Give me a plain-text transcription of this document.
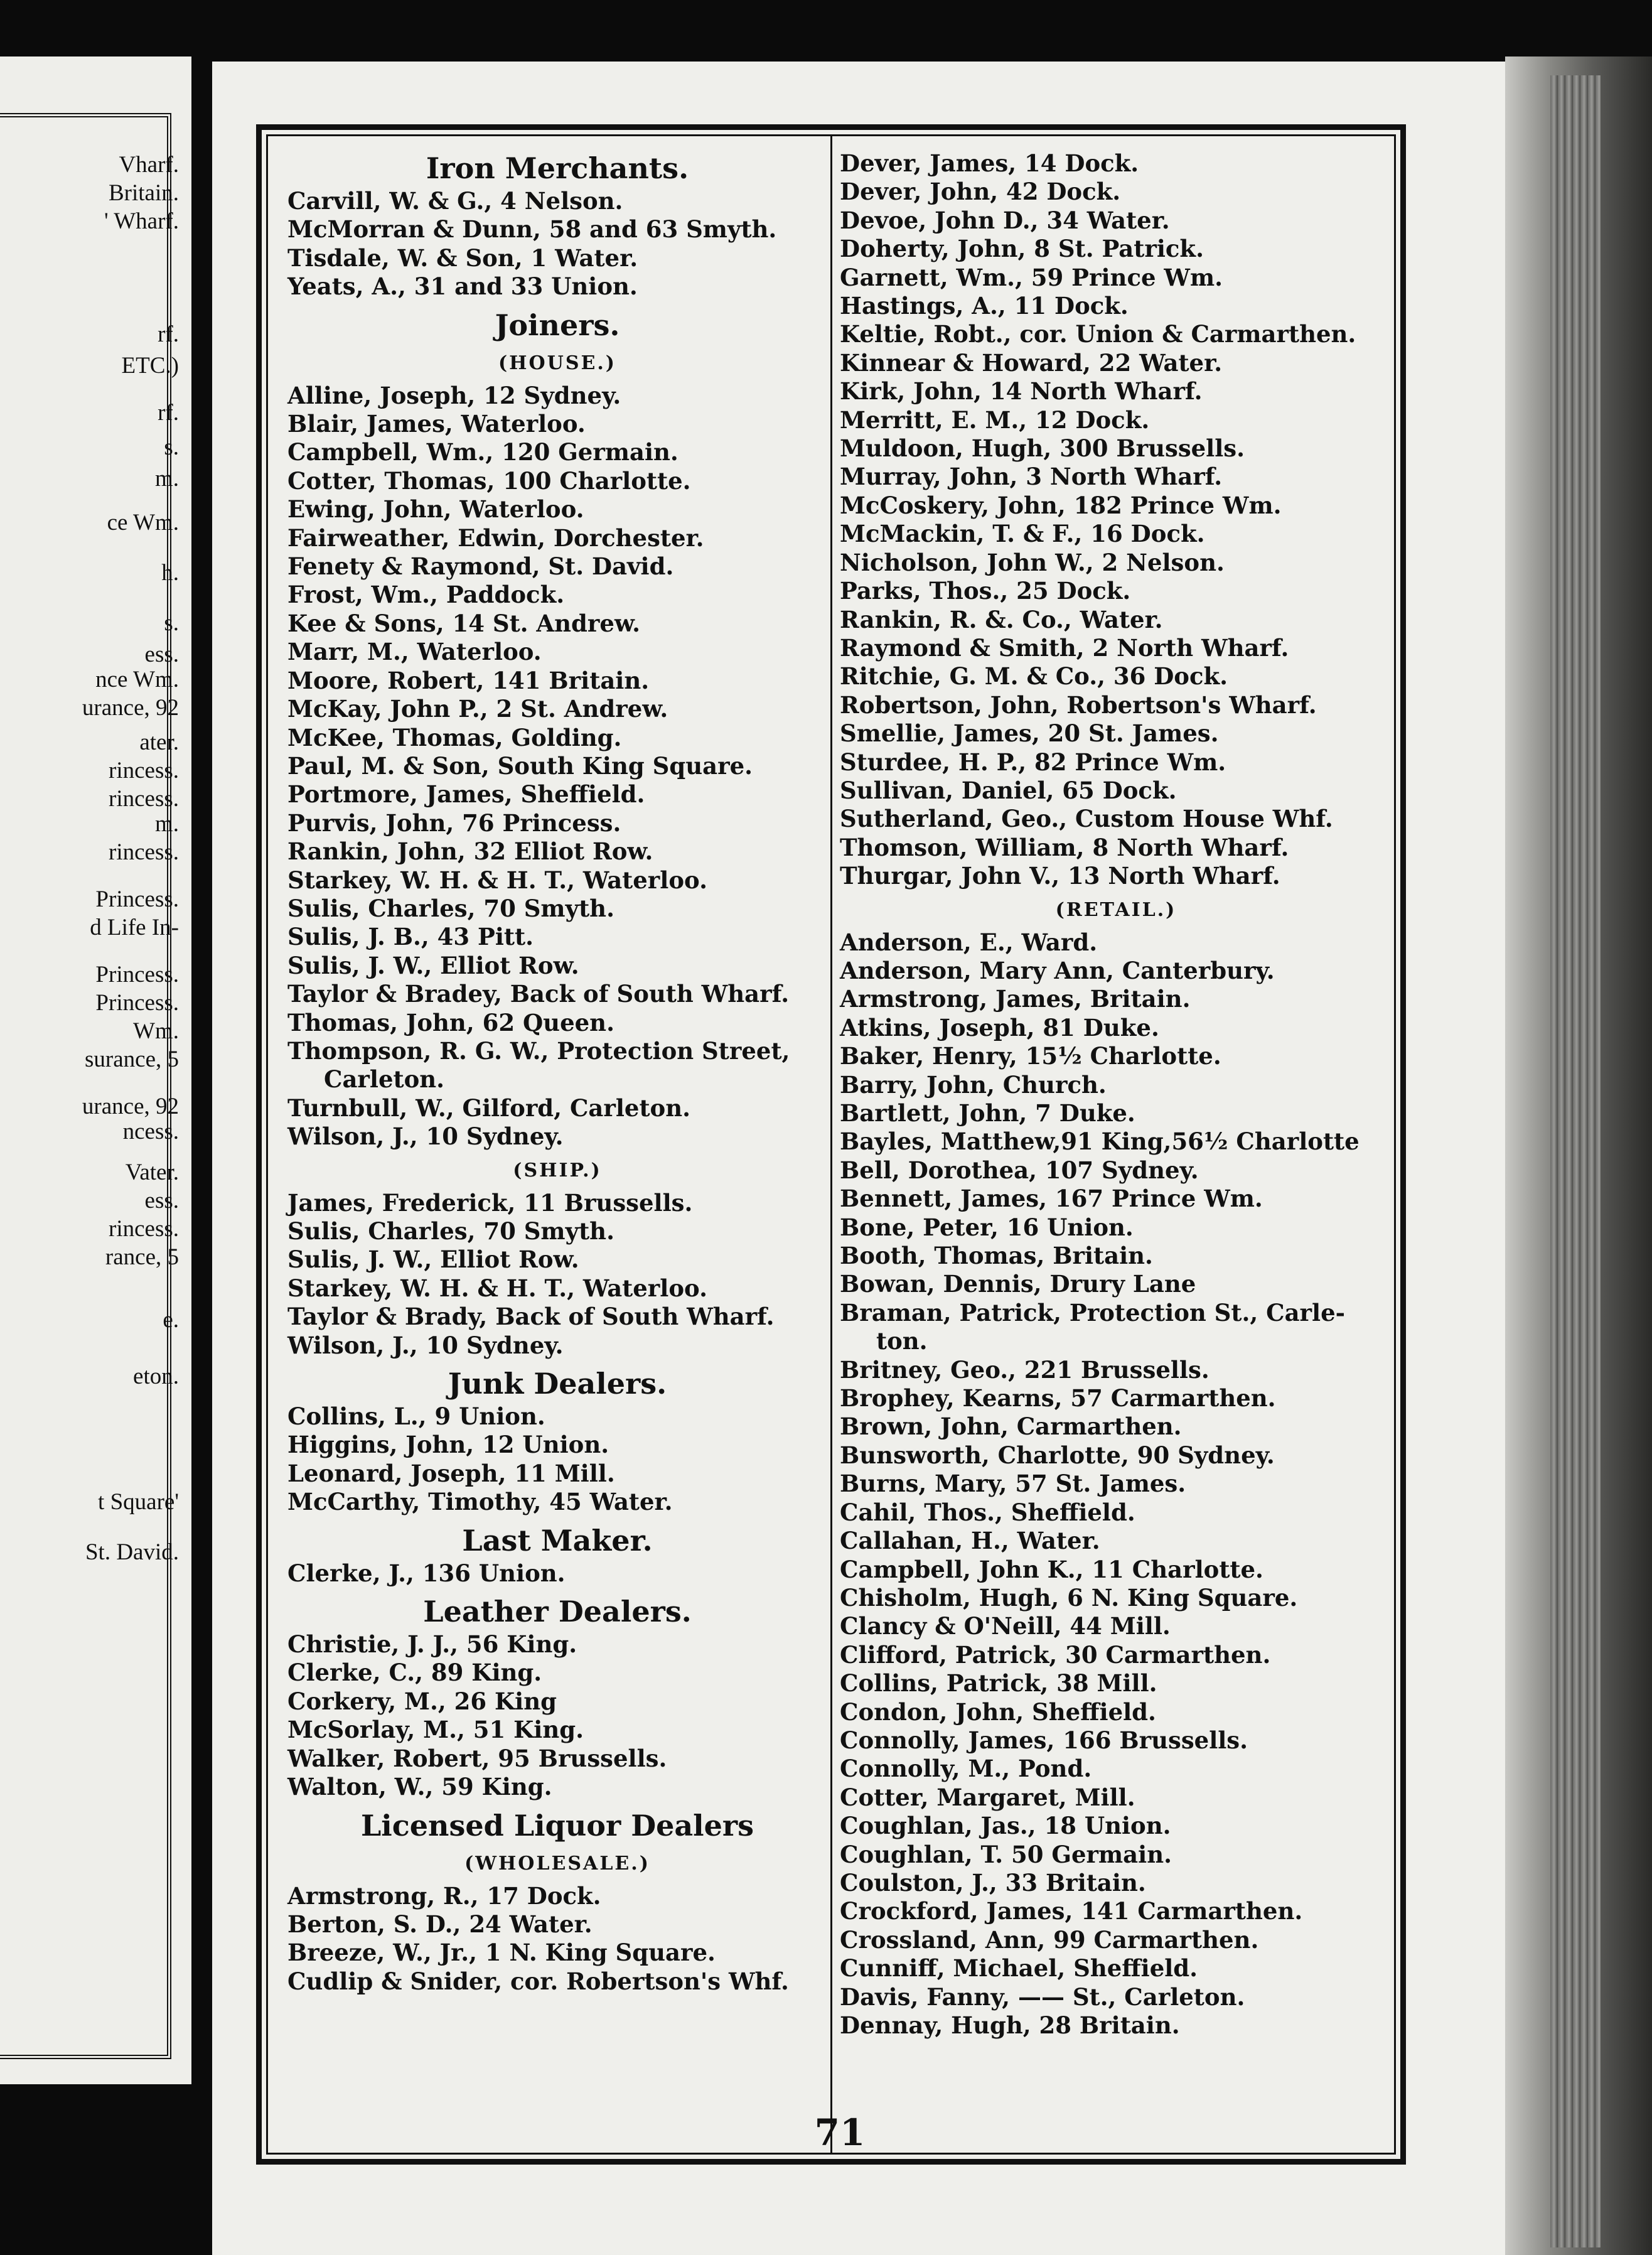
Vharf.
Britain.
' Wharf.
rf.
ETC.)
rf.
s.
m.
ce Wm.
h.
s.
ess.
nce Wm.
urance, 92
ater.
rincess.
rincess.
m.
rincess.
Princess.
d Life In-
Princess.
Princess.
Wm.
surance, 5
urance, 92
ncess.
Vater.
ess.
rincess.
rance, 5
e.
eton.
t Square'
St. David.
Iron Merchants.
Carvill, W. & G., 4 Nelson.
McMorran & Dunn, 58 and 63 Smyth.
Tisdale, W. & Son, 1 Water.
Yeats, A., 31 and 33 Union.
Joiners.
(HOUSE.)
Alline, Joseph, 12 Sydney.
Blair, James, Waterloo.
Campbell, Wm., 120 Germain.
Cotter, Thomas, 100 Charlotte.
Ewing, John, Waterloo.
Fairweather, Edwin, Dorchester.
Fenety & Raymond, St. David.
Frost, Wm., Paddock.
Kee & Sons, 14 St. Andrew.
Marr, M., Waterloo.
Moore, Robert, 141 Britain.
McKay, John P., 2 St. Andrew.
McKee, Thomas, Golding.
Paul, M. & Son, South King Square.
Portmore, James, Sheffield.
Purvis, John, 76 Princess.
Rankin, John, 32 Elliot Row.
Starkey, W. H. & H. T., Waterloo.
Sulis, Charles, 70 Smyth.
Sulis, J. B., 43 Pitt.
Sulis, J. W., Elliot Row.
Taylor & Bradey, Back of South Wharf.
Thomas, John, 62 Queen.
Thompson, R. G. W., Protection Street,
Carleton.
Turnbull, W., Gilford, Carleton.
Wilson, J., 10 Sydney.
(SHIP.)
James, Frederick, 11 Brussells.
Sulis, Charles, 70 Smyth.
Sulis, J. W., Elliot Row.
Starkey, W. H. & H. T., Waterloo.
Taylor & Brady, Back of South Wharf.
Wilson, J., 10 Sydney.
Junk Dealers.
Collins, L., 9 Union.
Higgins, John, 12 Union.
Leonard, Joseph, 11 Mill.
McCarthy, Timothy, 45 Water.
Last Maker.
Clerke, J., 136 Union.
Leather Dealers.
Christie, J. J., 56 King.
Clerke, C., 89 King.
Corkery, M., 26 King
McSorlay, M., 51 King.
Walker, Robert, 95 Brussells.
Walton, W., 59 King.
Licensed Liquor Dealers
(WHOLESALE.)
Armstrong, R., 17 Dock.
Berton, S. D., 24 Water.
Breeze, W., Jr., 1 N. King Square.
Cudlip & Snider, cor. Robertson's Whf.
Dever, James, 14 Dock.
Dever, John, 42 Dock.
Devoe, John D., 34 Water.
Doherty, John, 8 St. Patrick.
Garnett, Wm., 59 Prince Wm.
Hastings, A., 11 Dock.
Keltie, Robt., cor. Union & Carmarthen.
Kinnear & Howard, 22 Water.
Kirk, John, 14 North Wharf.
Merritt, E. M., 12 Dock.
Muldoon, Hugh, 300 Brussells.
Murray, John, 3 North Wharf.
McCoskery, John, 182 Prince Wm.
McMackin, T. & F., 16 Dock.
Nicholson, John W., 2 Nelson.
Parks, Thos., 25 Dock.
Rankin, R. &. Co., Water.
Raymond & Smith, 2 North Wharf.
Ritchie, G. M. & Co., 36 Dock.
Robertson, John, Robertson's Wharf.
Smellie, James, 20 St. James.
Sturdee, H. P., 82 Prince Wm.
Sullivan, Daniel, 65 Dock.
Sutherland, Geo., Custom House Whf.
Thomson, William, 8 North Wharf.
Thurgar, John V., 13 North Wharf.
(RETAIL.)
Anderson, E., Ward.
Anderson, Mary Ann, Canterbury.
Armstrong, James, Britain.
Atkins, Joseph, 81 Duke.
Baker, Henry, 15½ Charlotte.
Barry, John, Church.
Bartlett, John, 7 Duke.
Bayles, Matthew,91 King,56½ Charlotte
Bell, Dorothea, 107 Sydney.
Bennett, James, 167 Prince Wm.
Bone, Peter, 16 Union.
Booth, Thomas, Britain.
Bowan, Dennis, Drury Lane
Braman, Patrick, Protection St., Carle-
ton.
Britney, Geo., 221 Brussells.
Brophey, Kearns, 57 Carmarthen.
Brown, John, Carmarthen.
Bunsworth, Charlotte, 90 Sydney.
Burns, Mary, 57 St. James.
Cahil, Thos., Sheffield.
Callahan, H., Water.
Campbell, John K., 11 Charlotte.
Chisholm, Hugh, 6 N. King Square.
Clancy & O'Neill, 44 Mill.
Clifford, Patrick, 30 Carmarthen.
Collins, Patrick, 38 Mill.
Condon, John, Sheffield.
Connolly, James, 166 Brussells.
Connolly, M., Pond.
Cotter, Margaret, Mill.
Coughlan, Jas., 18 Union.
Coughlan, T. 50 Germain.
Coulston, J., 33 Britain.
Crockford, James, 141 Carmarthen.
Crossland, Ann, 99 Carmarthen.
Cunniff, Michael, Sheffield.
Davis, Fanny, —— St., Carleton.
Dennay, Hugh, 28 Britain.
71
